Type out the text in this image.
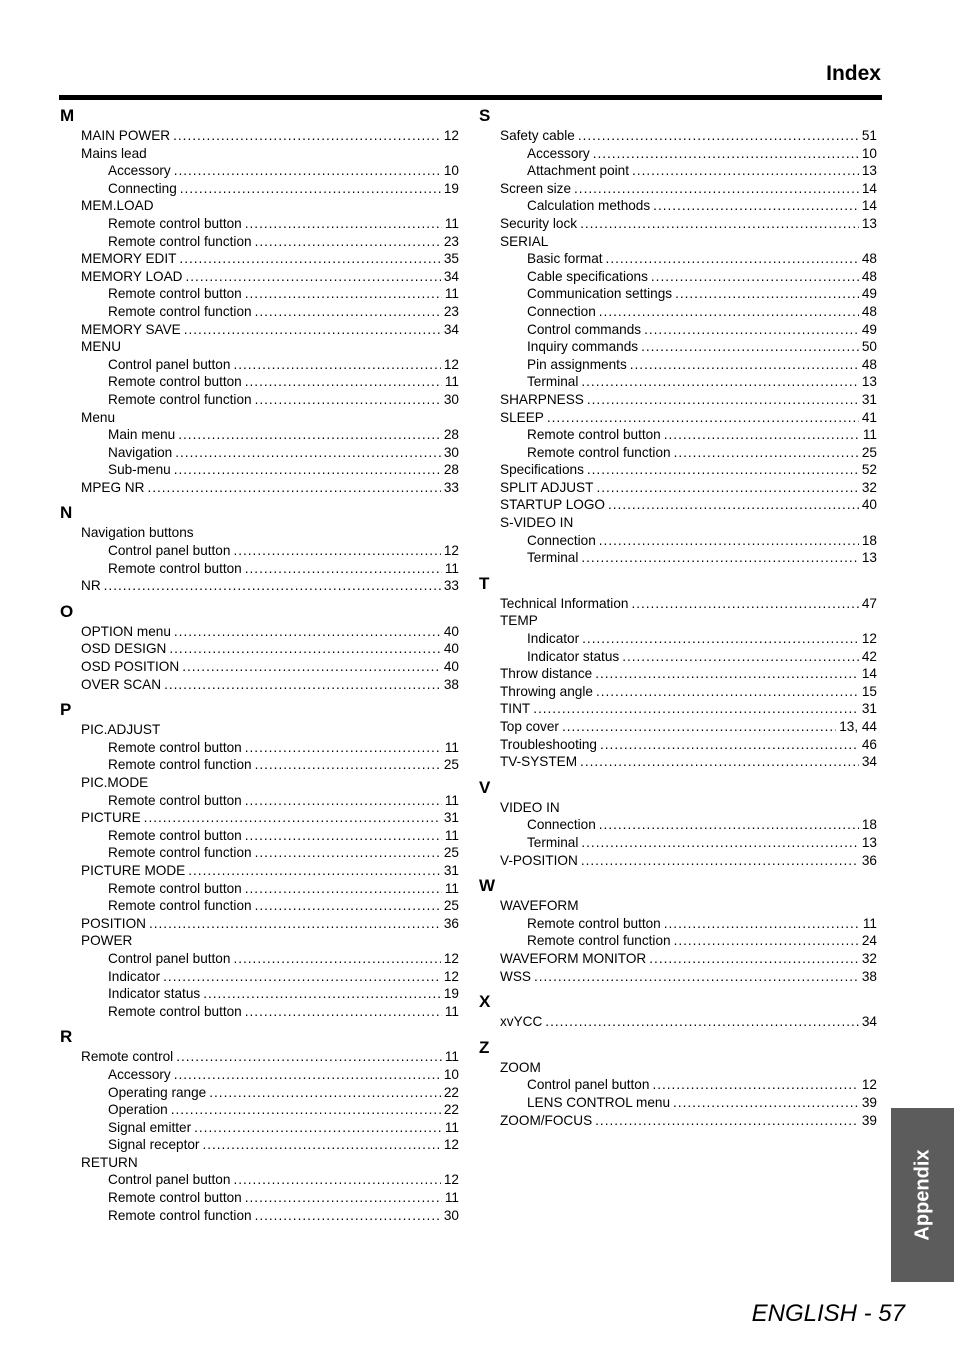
Index
M
MAIN POWER .....	12
Mains lead
Accessory .....	10
Connecting .....	19
MEM.LOAD
Remote control button .....	11
Remote control function .....	23
MEMORY EDIT .....	35
MEMORY LOAD .....	34
Remote control button .....	11
Remote control function .....	23
MEMORY SAVE .....	34
MENU
Control panel button .....	12
Remote control button .....	11
Remote control function .....	30
Menu
Main menu .....	28
Navigation .....	30
Sub-menu .....	28
MPEG NR .....	33
N
Navigation buttons
Control panel button .....	12
Remote control button .....	11
NR .....	33
O
OPTION menu .....	40
OSD DESIGN .....	40
OSD POSITION .....	40
OVER SCAN .....	38
P
PIC.ADJUST
Remote control button .....	11
Remote control function .....	25
PIC.MODE
Remote control button .....	11
PICTURE .....	31
Remote control button .....	11
Remote control function .....	25
PICTURE MODE .....	31
Remote control button .....	11
Remote control function .....	25
POSITION .....	36
POWER
Control panel button .....	12
Indicator .....	12
Indicator status .....	19
Remote control button .....	11
R
Remote control .....	11
Accessory .....	10
Operating range .....	22
Operation .....	22
Signal emitter .....	11
Signal receptor .....	12
RETURN
Control panel button .....	12
Remote control button .....	11
Remote control function .....	30
S
Safety cable .....	51
Accessory .....	10
Attachment point .....	13
Screen size .....	14
Calculation methods .....	14
Security lock .....	13
SERIAL
Basic format .....	48
Cable specifications .....	48
Communication settings .....	49
Connection .....	48
Control commands .....	49
Inquiry commands .....	50
Pin assignments .....	48
Terminal .....	13
SHARPNESS .....	31
SLEEP .....	41
Remote control button .....	11
Remote control function .....	25
Specifications .....	52
SPLIT ADJUST .....	32
STARTUP LOGO .....	40
S-VIDEO IN
Connection .....	18
Terminal .....	13
T
Technical Information .....	47
TEMP
Indicator .....	12
Indicator status .....	42
Throw distance .....	14
Throwing angle .....	15
TINT .....	31
Top cover .....	13, 44
Troubleshooting .....	46
TV-SYSTEM .....	34
V
VIDEO IN
Connection .....	18
Terminal .....	13
V-POSITION .....	36
W
WAVEFORM
Remote control button .....	11
Remote control function .....	24
WAVEFORM MONITOR .....	32
WSS .....	38
X
xvYCC .....	34
Z
ZOOM
Control panel button .....	12
LENS CONTROL menu .....	39
ZOOM/FOCUS .....	39
Appendix
ENGLISH - 57
